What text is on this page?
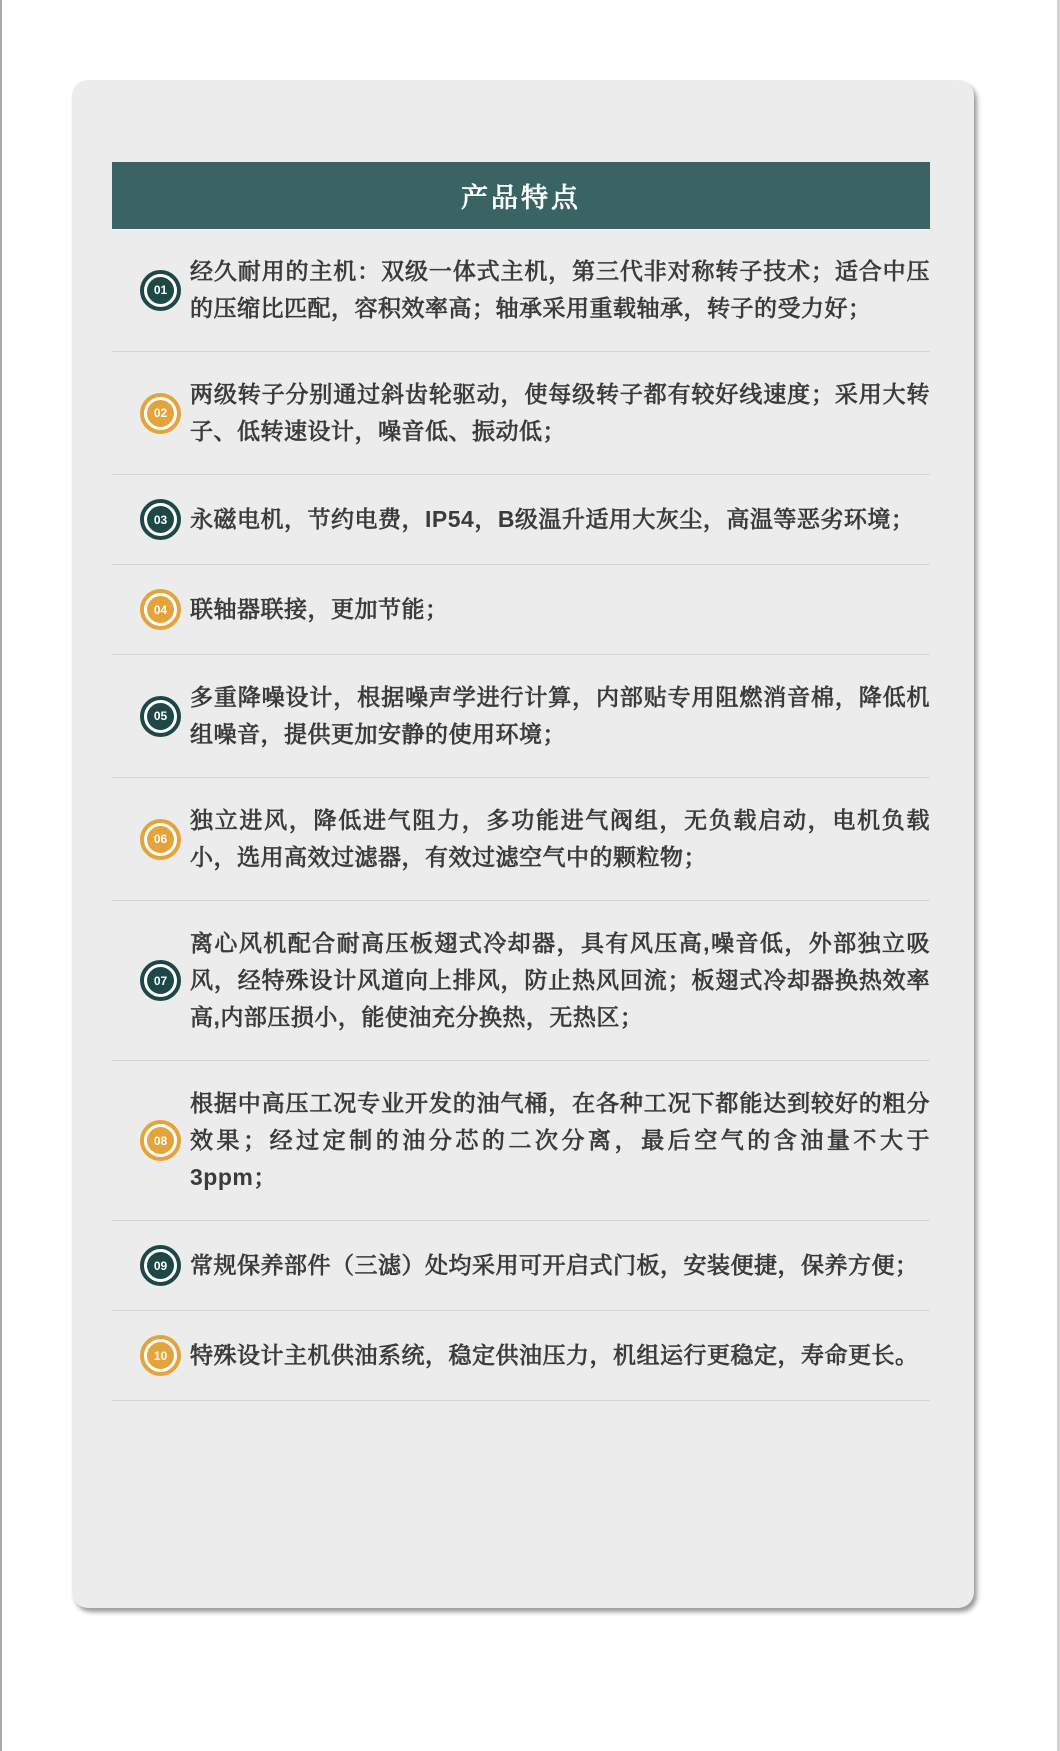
产品特点
01
经久耐用的主机：双级一体式主机，第三代非对称转子技术；适合中压的压缩比匹配，容积效率高；轴承采用重载轴承，转子的受力好；
02
两级转子分别通过斜齿轮驱动，使每级转子都有较好线速度；采用大转子、低转速设计，噪音低、振动低；
03 永磁电机，节约电费，IP54，B级温升适用大灰尘，高温等恶劣环境；
04 联轴器联接，更加节能；
05
多重降噪设计，根据噪声学进行计算，内部贴专用阻燃消音棉，降低机组噪音，提供更加安静的使用环境；
06
独立进风，降低进气阻力，多功能进气阀组，无负载启动，电机负载小，选用高效过滤器，有效过滤空气中的颗粒物；
07
离心风机配合耐高压板翅式冷却器，具有风压高,噪音低，外部独立吸风，经特殊设计风道向上排风，防止热风回流；板翅式冷却器换热效率高,内部压损小，能使油充分换热，无热区；
08
根据中高压工况专业开发的油气桶，在各种工况下都能达到较好的粗分效果；经过定制的油分芯的二次分离，最后空气的含油量不大于3ppm；
09 常规保养部件（三滤）处均采用可开启式门板，安装便捷，保养方便；
10 特殊设计主机供油系统，稳定供油压力，机组运行更稳定，寿命更长。
